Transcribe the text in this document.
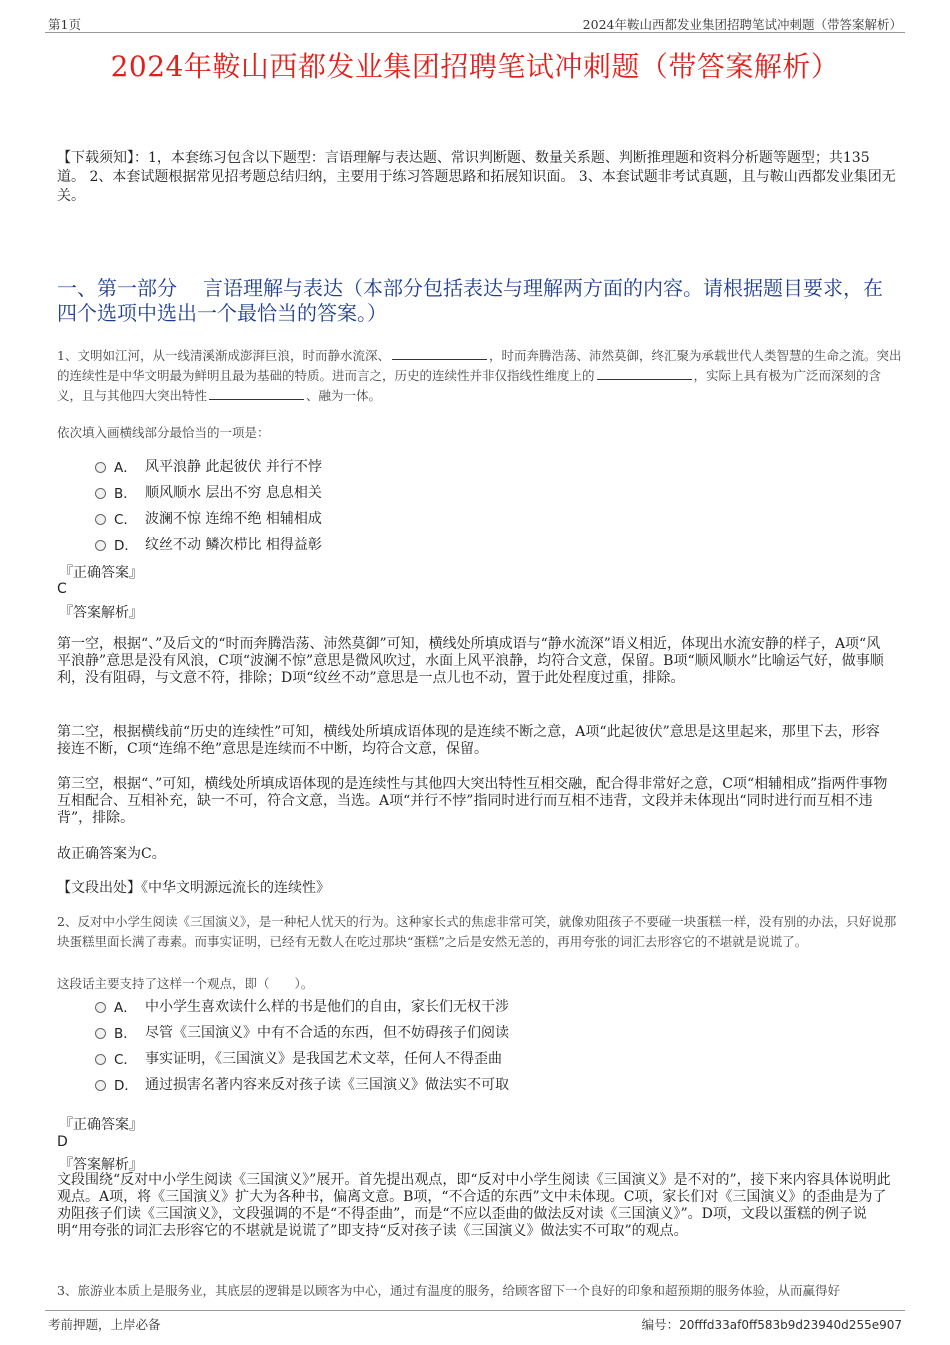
第1页	2024年鞍山西都发业集团招聘笔试冲刺题（带答案解析）
2024年鞍山西都发业集团招聘笔试冲刺题（带答案解析）
【下载须知】：1，本套练习包含以下题型：言语理解与表达题、常识判断题、数量关系题、判断推理题和资料分析题等题型；共135道。 2、本套试题根据常见招考题总结归纳，主要用于练习答题思路和拓展知识面。 3、本套试题非考试真题，且与鞍山西都发业集团无关。
一、第一部分 言语理解与表达（本部分包括表达与理解两方面的内容。请根据题目要求，在四个选项中选出一个最恰当的答案。）
1、文明如江河，从一线清溪渐成澎湃巨浪，时而静水流深、	，时而奔腾浩荡、沛然莫御，终汇聚为承载世代人类智慧的生命之流。突出的连续性是中华文明最为鲜明且最为基础的特质。进而言之，历史的连续性并非仅指线性维度上的	，实际上具有极为广泛而深刻的含义，且与其他四大突出特性	、融为一体。
依次填入画横线部分最恰当的一项是：
A． 风平浪静 此起彼伏 并行不悖
B． 顺风顺水 层出不穷 息息相关
C． 波澜不惊 连绵不绝 相辅相成
D． 纹丝不动 鳞次栉比 相得益彰
『正确答案』
C
『答案解析』
第一空，根据“、”及后文的“时而奔腾浩荡、沛然莫御”可知，横线处所填成语与“静水流深”语义相近，体现出水流安静的样子，A项“风平浪静”意思是没有风浪，C项“波澜不惊”意思是微风吹过，水面上风平浪静，均符合文意，保留。B项“顺风顺水”比喻运气好，做事顺利，没有阻碍，与文意不符，排除；D项“纹丝不动”意思是一点儿也不动，置于此处程度过重，排除。
第二空，根据横线前“历史的连续性”可知，横线处所填成语体现的是连续不断之意，A项“此起彼伏”意思是这里起来，那里下去，形容接连不断，C项“连绵不绝”意思是连续而不中断，均符合文意，保留。
第三空，根据“、”可知，横线处所填成语体现的是连续性与其他四大突出特性互相交融，配合得非常好之意，C项“相辅相成”指两件事物互相配合、互相补充，缺一不可，符合文意，当选。A项“并行不悖”指同时进行而互相不违背，文段并未体现出“同时进行而互相不违背”，排除。
故正确答案为C。
【文段出处】《中华文明源远流长的连续性》
2、反对中小学生阅读《三国演义》，是一种杞人忧天的行为。这种家长式的焦虑非常可笑，就像劝阻孩子不要碰一块蛋糕一样，没有别的办法，只好说那块蛋糕里面长满了毒素。而事实证明，已经有无数人在吃过那块“蛋糕”之后是安然无恙的，再用夸张的词汇去形容它的不堪就是说谎了。
这段话主要支持了这样一个观点，即（　　）。
A． 中小学生喜欢读什么样的书是他们的自由，家长们无权干涉
B． 尽管《三国演义》中有不合适的东西，但不妨碍孩子们阅读
C． 事实证明，《三国演义》是我国艺术文萃，任何人不得歪曲
D． 通过损害名著内容来反对孩子读《三国演义》做法实不可取
『正确答案』
D
『答案解析』
文段围绕“反对中小学生阅读《三国演义》”展开。首先提出观点，即“反对中小学生阅读《三国演义》是不对的”，接下来内容具体说明此观点。A项，将《三国演义》扩大为各种书，偏离文意。B项，“不合适的东西”文中未体现。C项，家长们对《三国演义》的歪曲是为了劝阻孩子们读《三国演义》，文段强调的不是“不得歪曲”，而是“不应以歪曲的做法反对读《三国演义》”。D项，文段以蛋糕的例子说明“用夸张的词汇去形容它的不堪就是说谎了”即支持“反对孩子读《三国演义》做法实不可取”的观点。
3、旅游业本质上是服务业，其底层的逻辑是以顾客为中心，通过有温度的服务，给顾客留下一个良好的印象和超预期的服务体验，从而赢得好
考前押题，上岸必备	编号：20fffd33af0ff583b9d23940d255e907
